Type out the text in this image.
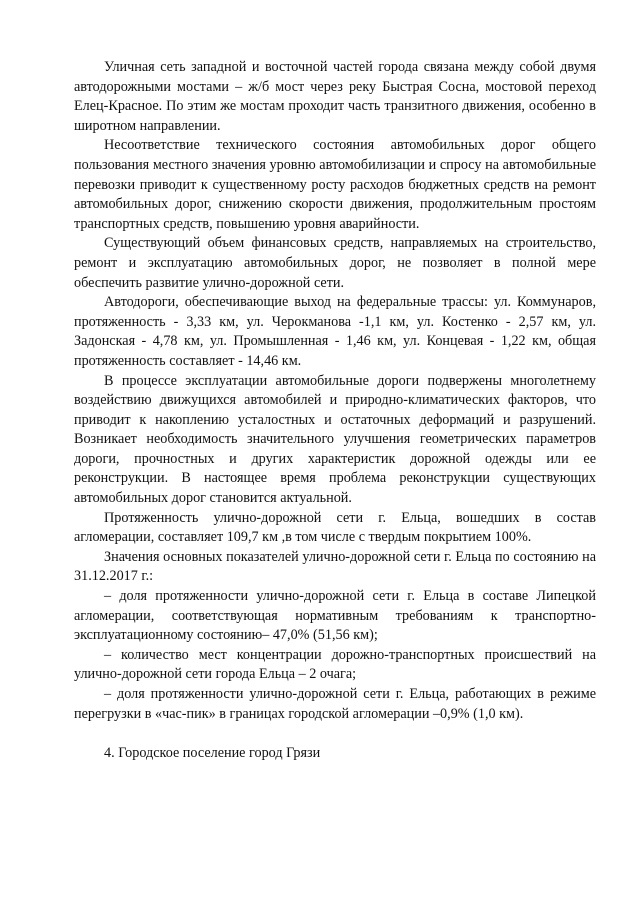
Уличная сеть западной и восточной частей города связана между собой двумя автодорожными мостами – ж/б мост через реку Быстрая Сосна, мостовой переход Елец-Красное. По этим же мостам проходит часть транзитного движения, особенно в широтном направлении.

Несоответствие технического состояния автомобильных дорог общего пользования местного значения уровню автомобилизации и спросу на автомобильные перевозки приводит к существенному росту расходов бюджетных средств на ремонт автомобильных дорог, снижению скорости движения, продолжительным простоям транспортных средств, повышению уровня аварийности.

Существующий объем финансовых средств, направляемых на строительство, ремонт и эксплуатацию автомобильных дорог, не позволяет в полной мере обеспечить развитие улично-дорожной сети.

Автодороги, обеспечивающие выход на федеральные трассы: ул. Коммунаров, протяженность - 3,33 км, ул. Черокманова -1,1 км, ул. Костенко - 2,57 км, ул. Задонская - 4,78 км, ул. Промышленная - 1,46 км, ул. Концевая - 1,22 км, общая протяженность составляет - 14,46 км.

В процессе эксплуатации автомобильные дороги подвержены многолетнему воздействию движущихся автомобилей и природно-климатических факторов, что приводит к накоплению усталостных и остаточных деформаций и разрушений. Возникает необходимость значительного улучшения геометрических параметров дороги, прочностных и других характеристик дорожной одежды или ее реконструкции. В настоящее время проблема реконструкции существующих автомобильных дорог становится актуальной.

Протяженность улично-дорожной сети г. Ельца, вошедших в состав агломерации, составляет 109,7 км ,в том числе с твердым покрытием 100%.

Значения основных показателей улично-дорожной сети г. Ельца по состоянию на 31.12.2017 г.:

– доля протяженности улично-дорожной сети г. Ельца в составе Липецкой агломерации, соответствующая нормативным требованиям к транспортно-эксплуатационному состоянию– 47,0% (51,56 км);

– количество мест концентрации дорожно-транспортных происшествий на улично-дорожной сети города Ельца – 2 очага;

– доля протяженности улично-дорожной сети г. Ельца, работающих в режиме перегрузки в «час-пик» в границах городской агломерации –0,9% (1,0 км).

4. Городское поселение город Грязи
